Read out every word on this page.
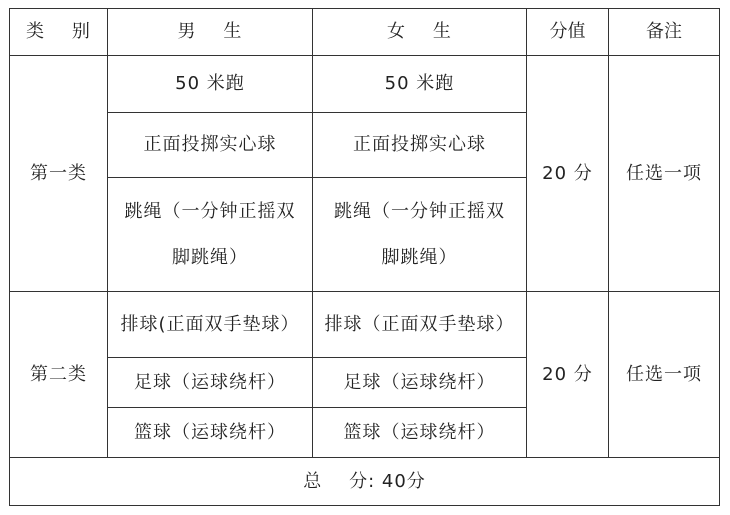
类    别	男    生	女    生	分值	备注
第一类	50 米跑	50 米跑	20 分	任选一项
	正面投掷实心球	正面投掷实心球		
	跳绳（一分钟正摇双脚跳绳）	跳绳（一分钟正摇双脚跳绳）		
第二类	排球(正面双手垫球）	排球（正面双手垫球）	20 分	任选一项
	足球（运球绕杆）	足球（运球绕杆）		
	篮球（运球绕杆）	篮球（运球绕杆）		
总    分: 40分				
